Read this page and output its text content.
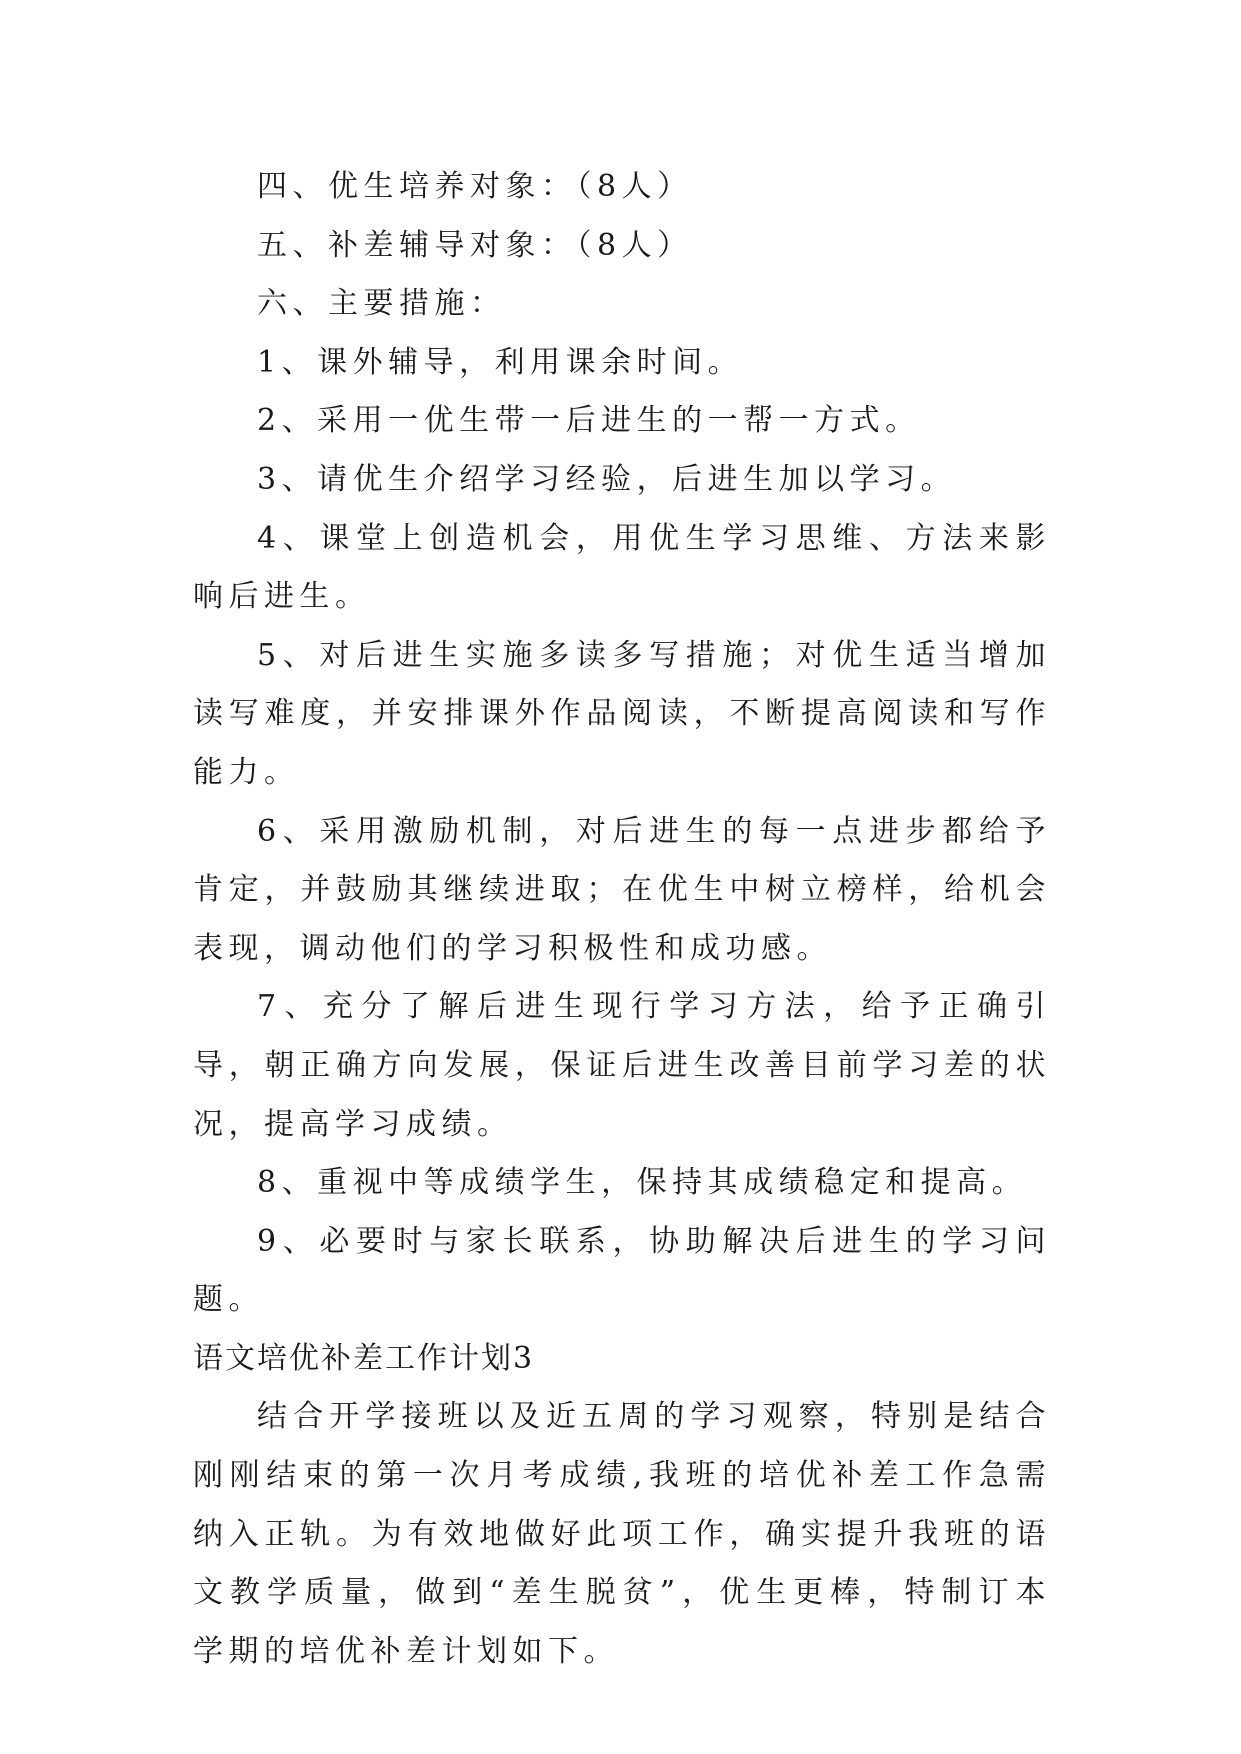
四、优生培养对象：（8人）

五、补差辅导对象：（8人）

六、主要措施：

1、课外辅导，利用课余时间。

2、采用一优生带一后进生的一帮一方式。

3、请优生介绍学习经验，后进生加以学习。

4、课堂上创造机会，用优生学习思维、方法来影响后进生。

5、对后进生实施多读多写措施；对优生适当增加读写难度，并安排课外作品阅读，不断提高阅读和写作能力。

6、采用激励机制，对后进生的每一点进步都给予肯定，并鼓励其继续进取；在优生中树立榜样，给机会表现，调动他们的学习积极性和成功感。

7、充分了解后进生现行学习方法，给予正确引导，朝正确方向发展，保证后进生改善目前学习差的状况，提高学习成绩。

8、重视中等成绩学生，保持其成绩稳定和提高。

9、必要时与家长联系，协助解决后进生的学习问题。

语文培优补差工作计划3

结合开学接班以及近五周的学习观察，特别是结合刚刚结束的第一次月考成绩,我班的培优补差工作急需纳入正轨。为有效地做好此项工作，确实提升我班的语文教学质量，做到“差生脱贫”，优生更棒，特制订本学期的培优补差计划如下。
